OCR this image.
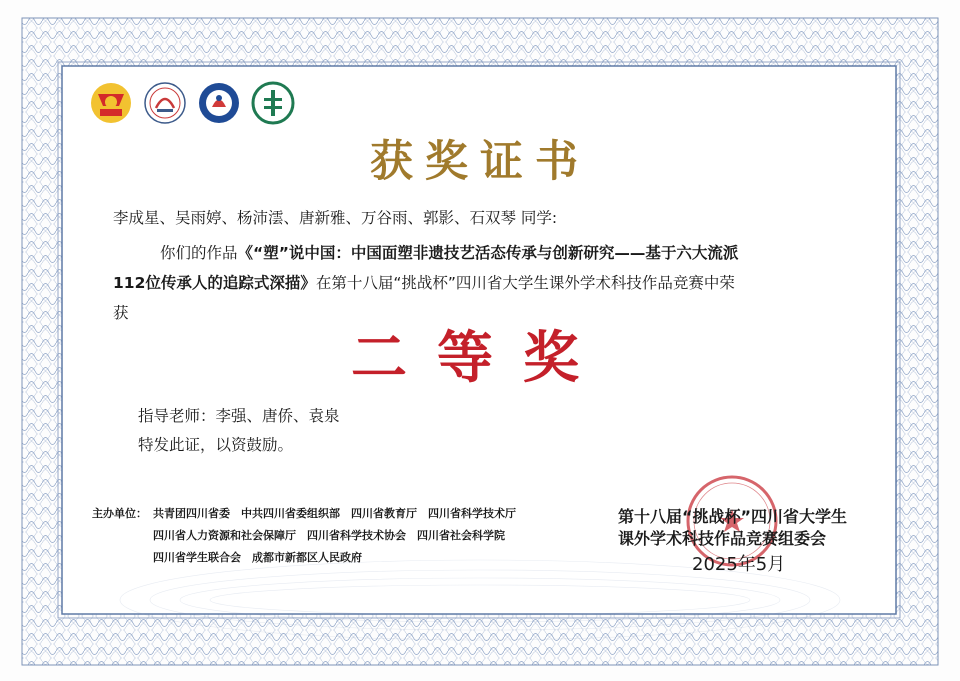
获奖证书
李成星、吴雨婷、杨沛澐、唐新雅、万谷雨、郭影、石双琴 同学:
你们的作品《“塑”说中国：中国面塑非遗技艺活态传承与创新研究——基于六大流派
112位传承人的追踪式深描》在第十八届“挑战杯”四川省大学生课外学术科技作品竞赛中荣
获
二等奖
指导老师：李强、唐侨、袁泉
特发此证，以资鼓励。
主办单位： 共青团四川省委　中共四川省委组织部　四川省教育厅　四川省科学技术厅
四川省人力资源和社会保障厅　四川省科学技术协会　四川省社会科学院
四川省学生联合会　成都市新都区人民政府
第十八届“挑战杯”四川省大学生
课外学术科技作品竞赛组委会
2025年5月
